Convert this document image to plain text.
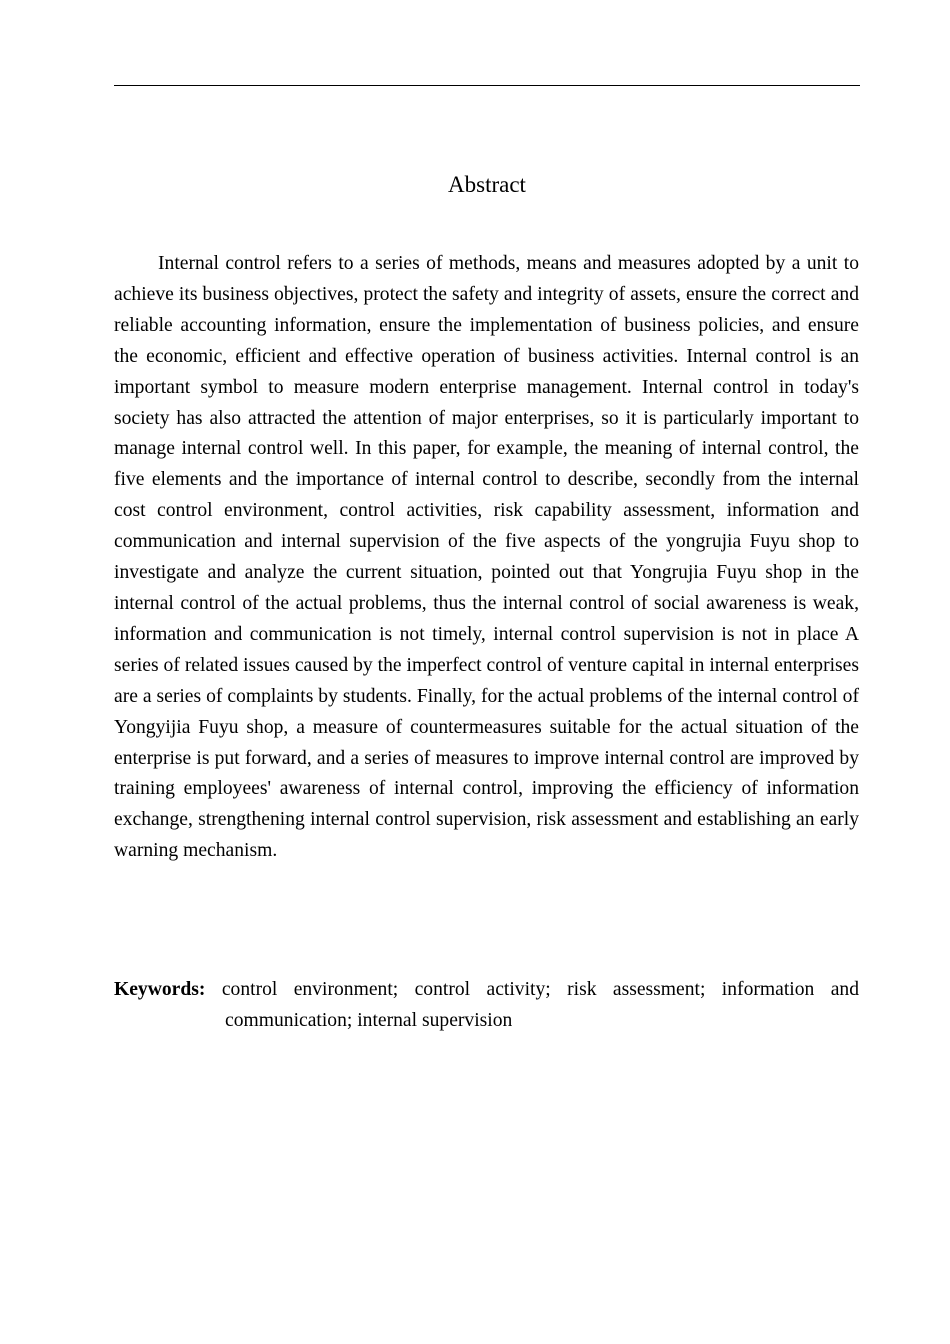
Abstract

Internal control refers to a series of methods, means and measures adopted by a unit to achieve its business objectives, protect the safety and integrity of assets, ensure the correct and reliable accounting information, ensure the implementation of business policies, and ensure the economic, efficient and effective operation of business activities. Internal control is an important symbol to measure modern enterprise management. Internal control in today's society has also attracted the attention of major enterprises, so it is particularly important to manage internal control well. In this paper, for example, the meaning of internal control, the five elements and the importance of internal control to describe, secondly from the internal cost control environment, control activities, risk capability assessment, information and communication and internal supervision of the five aspects of the yongrujia Fuyu shop to investigate and analyze the current situation, pointed out that Yongrujia Fuyu shop in the internal control of the actual problems, thus the internal control of social awareness is weak, information and communication is not timely, internal control supervision is not in place A series of related issues caused by the imperfect control of venture capital in internal enterprises are a series of complaints by students. Finally, for the actual problems of the internal control of Yongyijia Fuyu shop, a measure of countermeasures suitable for the actual situation of the enterprise is put forward, and a series of measures to improve internal control are improved by training employees' awareness of internal control, improving the efficiency of information exchange, strengthening internal control supervision, risk assessment and establishing an early warning mechanism.

Keywords: control environment; control activity; risk assessment; information and communication; internal supervision
